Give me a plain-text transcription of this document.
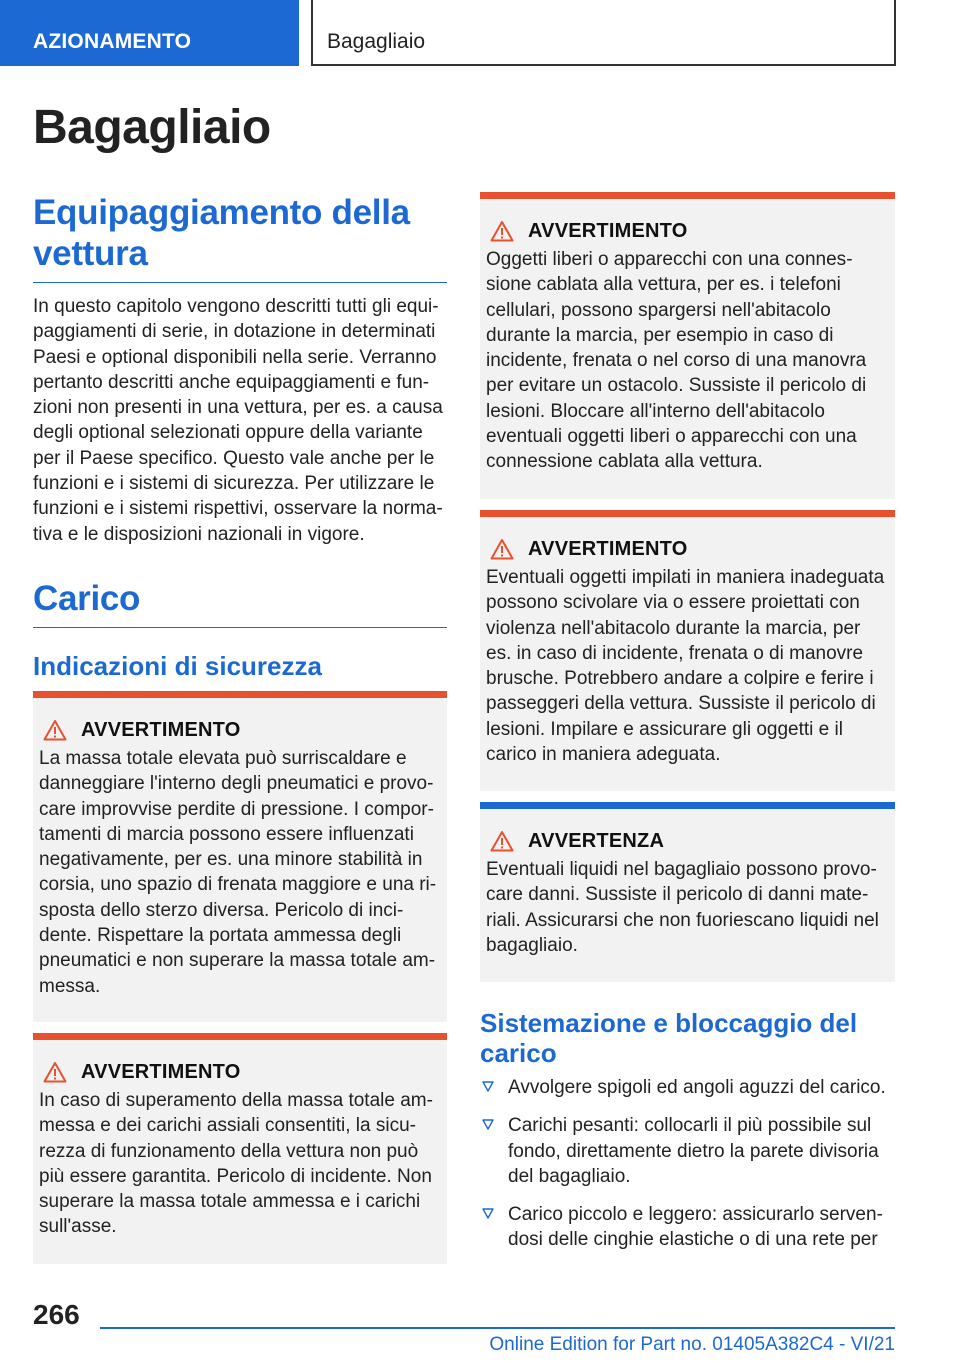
AZIONAMENTO	Bagagliaio
Bagagliaio
Equipaggiamento della vettura

In questo capitolo vengono descritti tutti gli equipaggiamenti di serie, in dotazione in determinati Paesi e optional disponibili nella serie. Verranno pertanto descritti anche equipaggiamenti e funzioni non presenti in una vettura, per es. a causa degli optional selezionati oppure della variante per il Paese specifico. Questo vale anche per le funzioni e i sistemi di sicurezza. Per utilizzare le funzioni e i sistemi rispettivi, osservare la normativa e le disposizioni nazionali in vigore.

Carico
Indicazioni di sicurezza
AVVERTIMENTO

La massa totale elevata può surriscaldare e danneggiare l'interno degli pneumatici e provocare improvvise perdite di pressione. I comportamenti di marcia possono essere influenzati negativamente, per es. una minore stabilità in corsia, uno spazio di frenata maggiore e una risposta dello sterzo diversa. Pericolo di incidente. Rispettare la portata ammessa degli pneumatici e non superare la massa totale ammessa.

AVVERTIMENTO

In caso di superamento della massa totale ammessa e dei carichi assiali consentiti, la sicurezza di funzionamento della vettura non può più essere garantita. Pericolo di incidente. Non superare la massa totale ammessa e i carichi sull'asse.

AVVERTIMENTO

Oggetti liberi o apparecchi con una connessione cablata alla vettura, per es. i telefoni cellulari, possono spargersi nell'abitacolo durante la marcia, per esempio in caso di incidente, frenata o nel corso di una manovra per evitare un ostacolo. Sussiste il pericolo di lesioni. Bloccare all'interno dell'abitacolo eventuali oggetti liberi o apparecchi con una connessione cablata alla vettura.

AVVERTIMENTO

Eventuali oggetti impilati in maniera inadeguata possono scivolare via o essere proiettati con violenza nell'abitacolo durante la marcia, per es. in caso di incidente, frenata o di manovre brusche. Potrebbero andare a colpire e ferire i passeggeri della vettura. Sussiste il pericolo di lesioni. Impilare e assicurare gli oggetti e il carico in maniera adeguata.

AVVERTENZA

Eventuali liquidi nel bagagliaio possono provocare danni. Sussiste il pericolo di danni materiali. Assicurarsi che non fuoriescano liquidi nel bagagliaio.

Sistemazione e bloccaggio del carico
Avvolgere spigoli ed angoli aguzzi del carico.
Carichi pesanti: collocarli il più possibile sul fondo, direttamente dietro la parete divisoria del bagagliaio.
Carico piccolo e leggero: assicurarlo servendosi delle cinghie elastiche o di una rete per
266
Online Edition for Part no. 01405A382C4 - VI/21
